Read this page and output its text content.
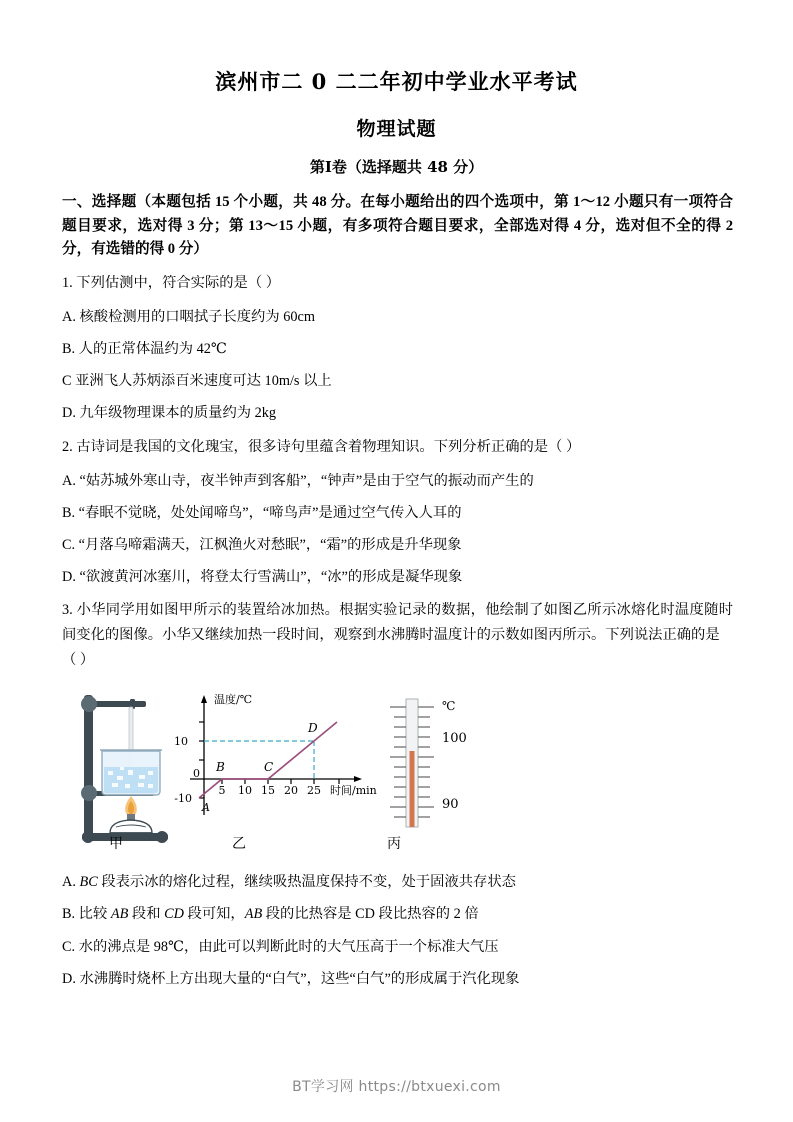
滨州市二 0 二二年初中学业水平考试
物理试题
第Ⅰ卷（选择题共 48 分）

一、选择题（本题包括 15 个小题，共 48 分。在每小题给出的四个选项中，第 1～12 小题只有一项符合题目要求，选对得 3 分；第 13～15 小题，有多项符合题目要求，全部选对得 4 分，选对但不全的得 2 分，有选错的得 0 分）

1. 下列估测中，符合实际的是（ ）

A. 核酸检测用的口咽拭子长度约为 60cm

B. 人的正常体温约为 42℃

C 亚洲飞人苏炳添百米速度可达 10m/s 以上

D. 九年级物理课本的质量约为 2kg

2. 古诗词是我国的文化瑰宝，很多诗句里蕴含着物理知识。下列分析正确的是（ ）

A. “姑苏城外寒山寺，夜半钟声到客船”，“钟声”是由于空气的振动而产生的

B. “春眠不觉晓，处处闻啼鸟”，“啼鸟声”是通过空气传入人耳的

C. “月落乌啼霜满天，江枫渔火对愁眠”，“霜”的形成是升华现象

D. “欲渡黄河冰塞川，将登太行雪满山”，“冰”的形成是凝华现象

3. 小华同学用如图甲所示的装置给冰加热。根据实验记录的数据，他绘制了如图乙所示冰熔化时温度随时间变化的图像。小华又继续加热一段时间，观察到水沸腾时温度计的示数如图丙所示。下列说法正确的是
（ ）

温度/℃
10
0
-10
5 10 15 20 25 时间/min
A
B	C
D
℃
100
90
甲	乙	丙

A. BC 段表示冰的熔化过程，继续吸热温度保持不变，处于固液共存状态

B. 比较 AB 段和 CD 段可知，AB 段的比热容是 CD 段比热容的 2 倍

C. 水的沸点是 98℃，由此可以判断此时的大气压高于一个标准大气压

D. 水沸腾时烧杯上方出现大量的“白气”，这些“白气”的形成属于汽化现象

BT学习网 https://btxuexi.com
